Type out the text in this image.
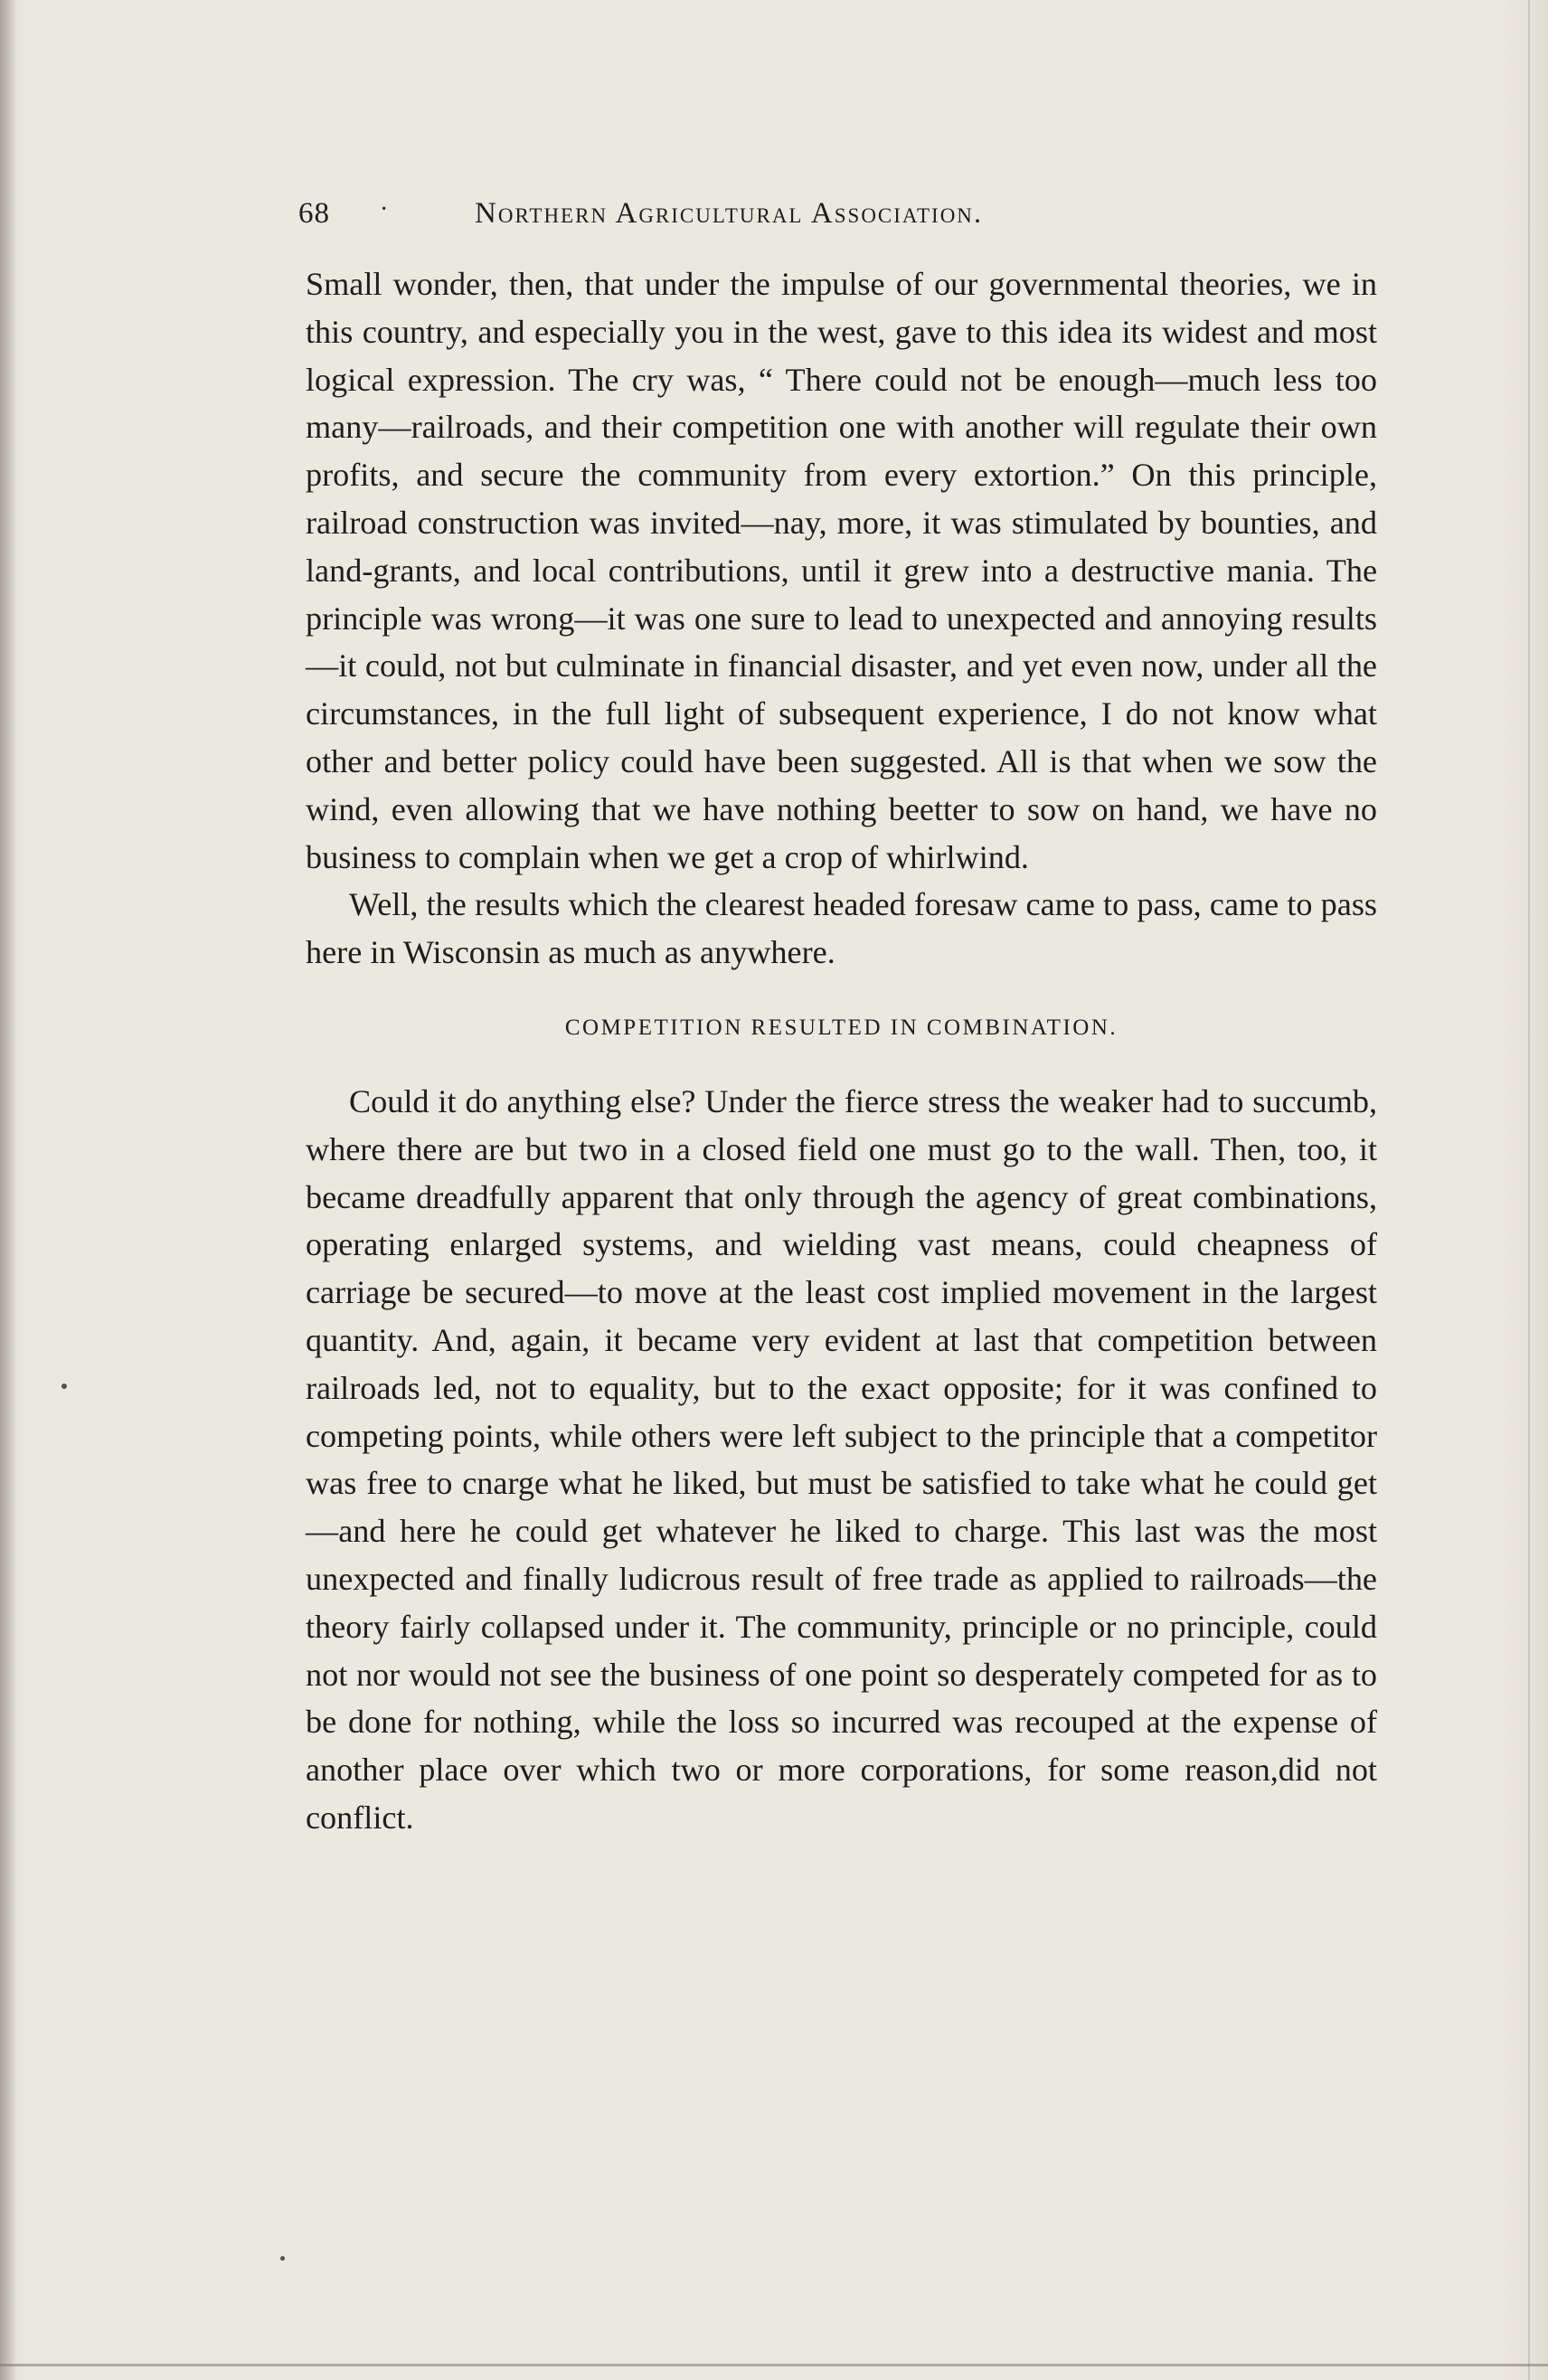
68 ·	Northern Agricultural Association.

Small wonder, then, that under the impulse of our governmental theories, we in this country, and especially you in the west, gave to this idea its widest and most logical expression. The cry was, “ There could not be enough—much less too many—railroads, and their competition one with another will regulate their own profits, and secure the community from every extortion.” On this principle, railroad construction was invited—nay, more, it was stimulated by bounties, and land-grants, and local contributions, until it grew into a destructive mania. The principle was wrong—it was one sure to lead to unexpected and annoying results—it could, not but culminate in financial disaster, and yet even now, under all the circumstances, in the full light of subsequent experience, I do not know what other and better policy could have been suggested. All is that when we sow the wind, even allowing that we have nothing beetter to sow on hand, we have no business to complain when we get a crop of whirlwind.

Well, the results which the clearest headed foresaw came to pass, came to pass here in Wisconsin as much as anywhere.

COMPETITION RESULTED IN COMBINATION.

Could it do anything else? Under the fierce stress the weaker had to succumb, where there are but two in a closed field one must go to the wall. Then, too, it became dreadfully apparent that only through the agency of great combinations, operating enlarged systems, and wielding vast means, could cheapness of carriage be secured—to move at the least cost implied movement in the largest quantity. And, again, it became very evident at last that competition between railroads led, not to equality, but to the exact opposite; for it was confined to competing points, while others were left subject to the principle that a competitor was free to cnarge what he liked, but must be satisfied to take what he could get—and here he could get whatever he liked to charge. This last was the most unexpected and finally ludicrous result of free trade as applied to railroads—the theory fairly collapsed under it. The community, principle or no principle, could not nor would not see the business of one point so desperately competed for as to be done for nothing, while the loss so incurred was recouped at the expense of another place over which two or more corporations, for some reason,did not conflict.
